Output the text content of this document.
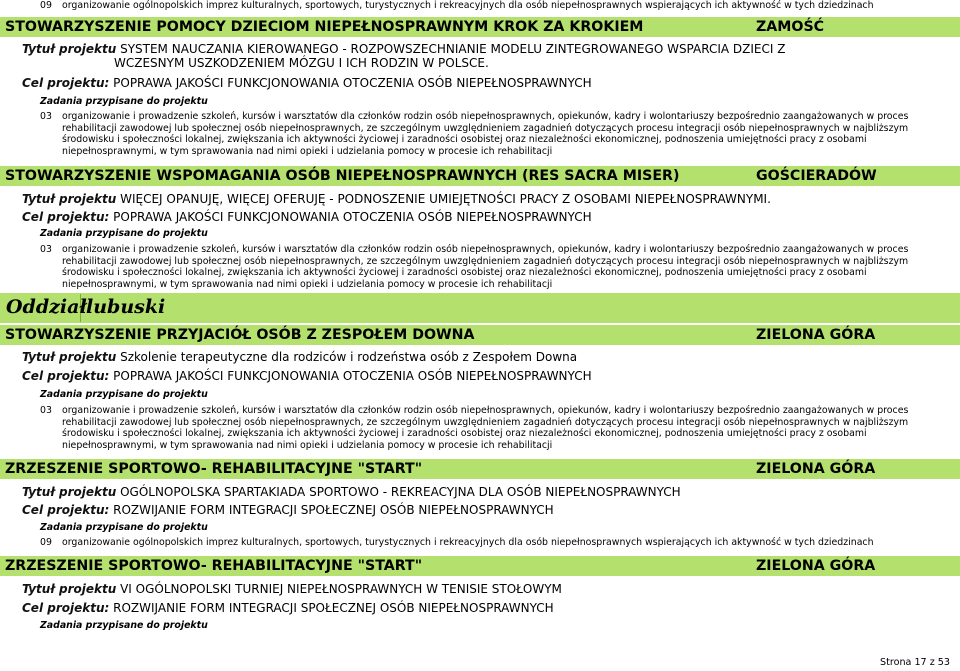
09 organizowanie ogólnopolskich imprez kulturalnych, sportowych, turystycznych i rekreacyjnych dla osób niepełnosprawnych wspierających ich aktywność w tych dziedzinach
STOWARZYSZENIE POMOCY DZIECIOM NIEPEŁNOSPRAWNYM KROK ZA KROKIEM	ZAMOŚĆ
Tytuł projektu SYSTEM NAUCZANIA KIEROWANEGO - ROZPOWSZECHNIANIE MODELU ZINTEGROWANEGO WSPARCIA DZIECI Z
WCZESNYM USZKODZENIEM MÓZGU I ICH RODZIN W POLSCE.
Cel projektu: POPRAWA JAKOŚCI FUNKCJONOWANIA OTOCZENIA OSÓB NIEPEŁNOSPRAWNYCH
Zadania przypisane do projektu
03 organizowanie i prowadzenie szkoleń, kursów i warsztatów dla członków rodzin osób niepełnosprawnych, opiekunów, kadry i wolontariuszy bezpośrednio zaangażowanych w proces rehabilitacji zawodowej lub społecznej osób niepełnosprawnych, ze szczególnym uwzględnieniem zagadnień dotyczących procesu integracji osób niepełnosprawnych w najbliższym środowisku i społeczności lokalnej, zwiększania ich aktywności życiowej i zaradności osobistej oraz niezależności ekonomicznej, podnoszenia umiejętności pracy z osobami niepełnosprawnymi, w tym sprawowania nad nimi opieki i udzielania pomocy w procesie ich rehabilitacji
STOWARZYSZENIE WSPOMAGANIA OSÓB NIEPEŁNOSPRAWNYCH (RES SACRA MISER)	GOŚCIERADÓW
Tytuł projektu WIĘCEJ OPANUJĘ, WIĘCEJ OFERUJĘ - PODNOSZENIE UMIEJĘTNOŚCI PRACY Z OSOBAMI NIEPEŁNOSPRAWNYMI.
Cel projektu: POPRAWA JAKOŚCI FUNKCJONOWANIA OTOCZENIA OSÓB NIEPEŁNOSPRAWNYCH
Zadania przypisane do projektu
03 organizowanie i prowadzenie szkoleń, kursów i warsztatów dla członków rodzin osób niepełnosprawnych, opiekunów, kadry i wolontariuszy bezpośrednio zaangażowanych w proces rehabilitacji zawodowej lub społecznej osób niepełnosprawnych, ze szczególnym uwzględnieniem zagadnień dotyczących procesu integracji osób niepełnosprawnych w najbliższym środowisku i społeczności lokalnej, zwiększania ich aktywności życiowej i zaradności osobistej oraz niezależności ekonomicznej, podnoszenia umiejętności pracy z osobami niepełnosprawnymi, w tym sprawowania nad nimi opieki i udzielania pomocy w procesie ich rehabilitacji
Oddział lubuski
STOWARZYSZENIE PRZYJACIÓŁ OSÓB Z ZESPOŁEM DOWNA	ZIELONA GÓRA
Tytuł projektu Szkolenie terapeutyczne dla rodziców i rodzeństwa osób z Zespołem Downa
Cel projektu: POPRAWA JAKOŚCI FUNKCJONOWANIA OTOCZENIA OSÓB NIEPEŁNOSPRAWNYCH
Zadania przypisane do projektu
03 organizowanie i prowadzenie szkoleń, kursów i warsztatów dla członków rodzin osób niepełnosprawnych, opiekunów, kadry i wolontariuszy bezpośrednio zaangażowanych w proces rehabilitacji zawodowej lub społecznej osób niepełnosprawnych, ze szczególnym uwzględnieniem zagadnień dotyczących procesu integracji osób niepełnosprawnych w najbliższym środowisku i społeczności lokalnej, zwiększania ich aktywności życiowej i zaradności osobistej oraz niezależności ekonomicznej, podnoszenia umiejętności pracy z osobami niepełnosprawnymi, w tym sprawowania nad nimi opieki i udzielania pomocy w procesie ich rehabilitacji
ZRZESZENIE SPORTOWO- REHABILITACYJNE "START"	ZIELONA GÓRA
Tytuł projektu OGÓLNOPOLSKA SPARTAKIADA SPORTOWO - REKREACYJNA DLA OSÓB NIEPEŁNOSPRAWNYCH
Cel projektu: ROZWIJANIE FORM INTEGRACJI SPOŁECZNEJ OSÓB NIEPEŁNOSPRAWNYCH
Zadania przypisane do projektu
09 organizowanie ogólnopolskich imprez kulturalnych, sportowych, turystycznych i rekreacyjnych dla osób niepełnosprawnych wspierających ich aktywność w tych dziedzinach
ZRZESZENIE SPORTOWO- REHABILITACYJNE "START"	ZIELONA GÓRA
Tytuł projektu VI OGÓLNOPOLSKI TURNIEJ NIEPEŁNOSPRAWNYCH W TENISIE STOŁOWYM
Cel projektu: ROZWIJANIE FORM INTEGRACJI SPOŁECZNEJ OSÓB NIEPEŁNOSPRAWNYCH
Zadania przypisane do projektu
Strona 17 z 53
